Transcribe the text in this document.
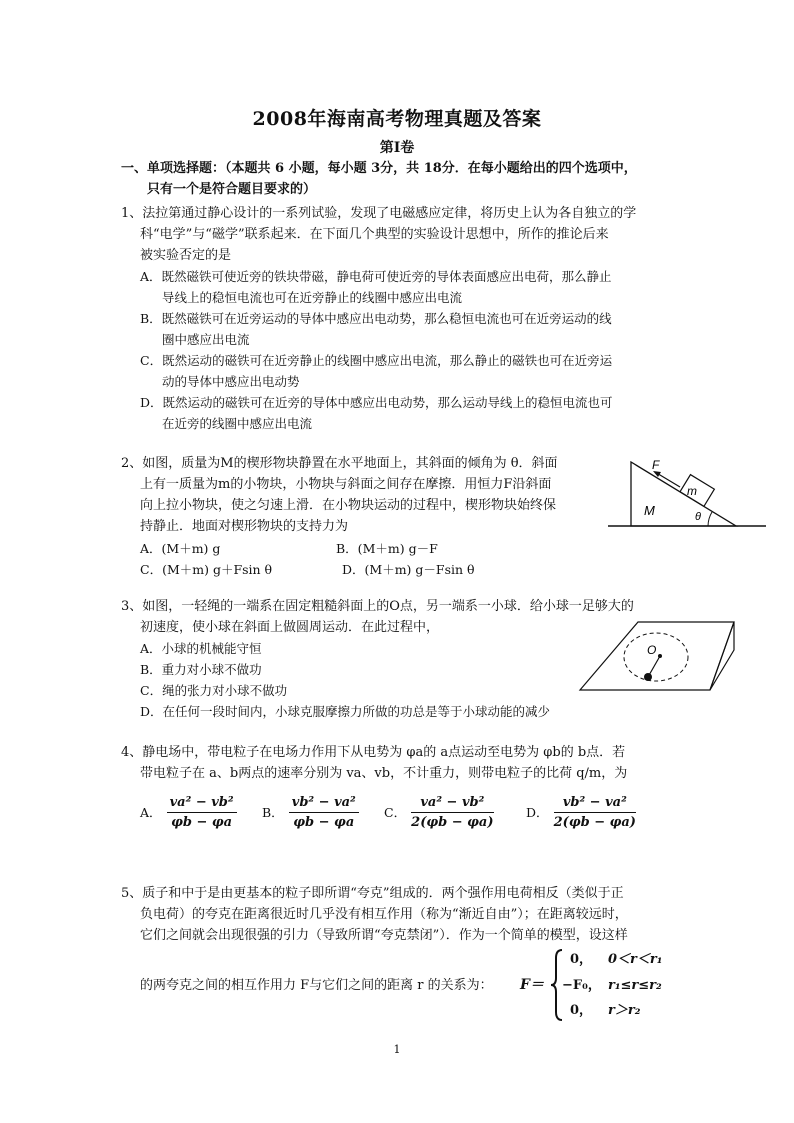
2008年海南高考物理真题及答案
第I卷
一、单项选择题：（本题共 6 小题，每小题 3分，共 18分．在每小题给出的四个选项中，
只有一个是符合题目要求的）
1、法拉第通过静心设计的一系列试验，发现了电磁感应定律，将历史上认为各自独立的学
科“电学”与“磁学”联系起来．在下面几个典型的实验设计思想中，所作的推论后来
被实验否定的是
A．既然磁铁可使近旁的铁块带磁，静电荷可使近旁的导体表面感应出电荷，那么静止
导线上的稳恒电流也可在近旁静止的线圈中感应出电流
B．既然磁铁可在近旁运动的导体中感应出电动势，那么稳恒电流也可在近旁运动的线
圈中感应出电流
C．既然运动的磁铁可在近旁静止的线圈中感应出电流，那么静止的磁铁也可在近旁运
动的导体中感应出电动势
D．既然运动的磁铁可在近旁的导体中感应出电动势，那么运动导线上的稳恒电流也可
在近旁的线圈中感应出电流
2、如图，质量为M的楔形物块静置在水平地面上，其斜面的倾角为 θ．斜面
上有一质量为m的小物块，小物块与斜面之间存在摩擦．用恒力F沿斜面
向上拉小物块，使之匀速上滑．在小物块运动的过程中，楔形物块始终保
持静止．地面对楔形物块的支持力为
A．(M＋m) g	B．(M＋m) g－F
C．(M＋m) g＋Fsin θ	D．(M＋m) g－Fsin θ
F
m
M	θ
3、如图，一轻绳的一端系在固定粗糙斜面上的O点，另一端系一小球．给小球一足够大的
初速度，使小球在斜面上做圆周运动．在此过程中，
A．小球的机械能守恒
B．重力对小球不做功
C．绳的张力对小球不做功
D．在任何一段时间内，小球克服摩擦力所做的功总是等于小球动能的减少
O
4、静电场中，带电粒子在电场力作用下从电势为 φa的 a点运动至电势为 φb的 b点．若
带电粒子在 a、b两点的速率分别为 va、vb，不计重力，则带电粒子的比荷 q/m，为
A． $\frac{\text{va² − vb²}}{\varphi b - \varphi a}$ B． $\frac{\text{vb² − va²}}{\varphi b - \varphi a}$ C． $\frac{\text{va² − vb²}}{2(\varphi b - \varphi a)}$	D． $\frac{\text{vb² − va²}}{2(\varphi b - \varphi a)}$
5、质子和中于是由更基本的粒子即所谓“夸克”组成的．两个强作用电荷相反（类似于正
负电荷）的夸克在距离很近时几乎没有相互作用（称为“渐近自由”）；在距离较远时，
它们之间就会出现很强的引力（导致所谓“夸克禁闭”）．作为一个简单的模型，设这样
的两夸克之间的相互作用力 F与它们之间的距离 r 的关系为： F＝
0， 0＜r＜r₁
−F₀， r₁≤r≤r₂
0， r＞r₂
1
